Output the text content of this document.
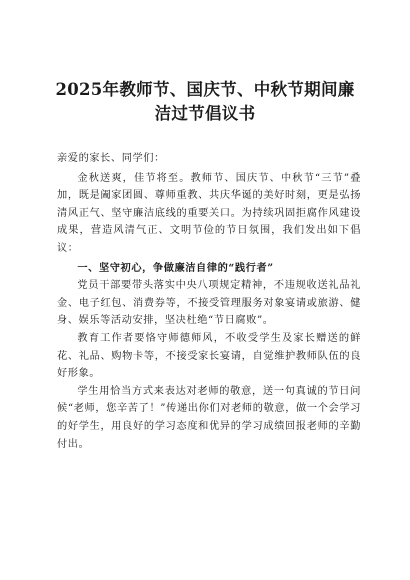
2025年教师节、国庆节、中秋节期间廉
洁过节倡议书

亲爱的家长、同学们：

金秋送爽，佳节将至。教师节、国庆节、中秋节“三节”叠加，既是阖家团圆、尊师重教、共庆华诞的美好时刻，更是弘扬清风正气、坚守廉洁底线的重要关口。为持续巩固拒腐作风建设成果，营造风清气正、文明节俭的节日氛围，我们发出如下倡议：

一、坚守初心，争做廉洁自律的“践行者”

党员干部要带头落实中央八项规定精神，不违规收送礼品礼金、电子红包、消费券等，不接受管理服务对象宴请或旅游、健身、娱乐等活动安排，坚决杜绝“节日腐败”。

教育工作者要恪守师德师风，不收受学生及家长赠送的鲜花、礼品、购物卡等，不接受家长宴请，自觉维护教师队伍的良好形象。

学生用恰当方式来表达对老师的敬意，送一句真诚的节日问候“老师，您辛苦了！”传递出你们对老师的敬意，做一个会学习的好学生，用良好的学习态度和优异的学习成绩回报老师的辛勤付出。
